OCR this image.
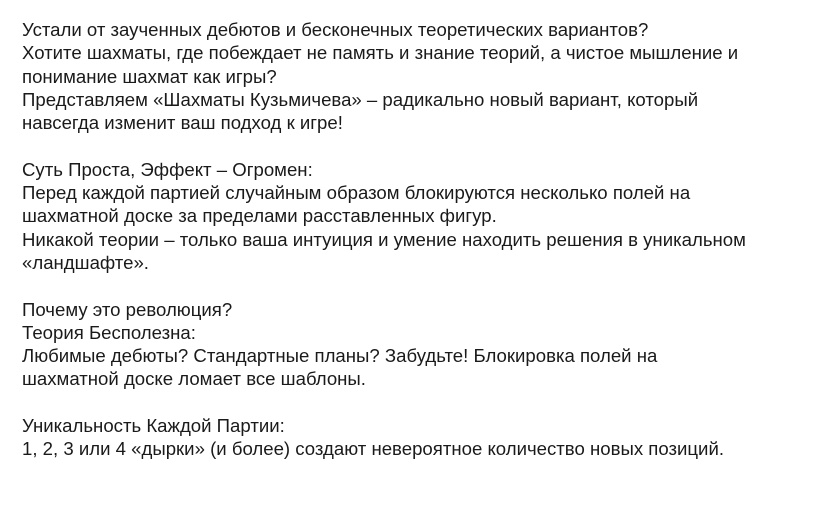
Устали от заученных дебютов и бесконечных теоретических вариантов?
Хотите шахматы, где побеждает не память и знание теорий, а чистое мышление и
понимание шахмат как игры?
Представляем «Шахматы Кузьмичева» – радикально новый вариант, который
навсегда изменит ваш подход к игре!
Суть Проста, Эффект – Огромен:
Перед каждой партией случайным образом блокируются несколько полей на
шахматной доске за пределами расставленных фигур.
Никакой теории – только ваша интуиция и умение находить решения в уникальном
«ландшафте».
Почему это революция?
Теория Бесполезна:
Любимые дебюты? Стандартные планы? Забудьте! Блокировка полей на
шахматной доске ломает все шаблоны.
Уникальность Каждой Партии:
1, 2, 3 или 4 «дырки» (и более) создают невероятное количество новых позиций.
